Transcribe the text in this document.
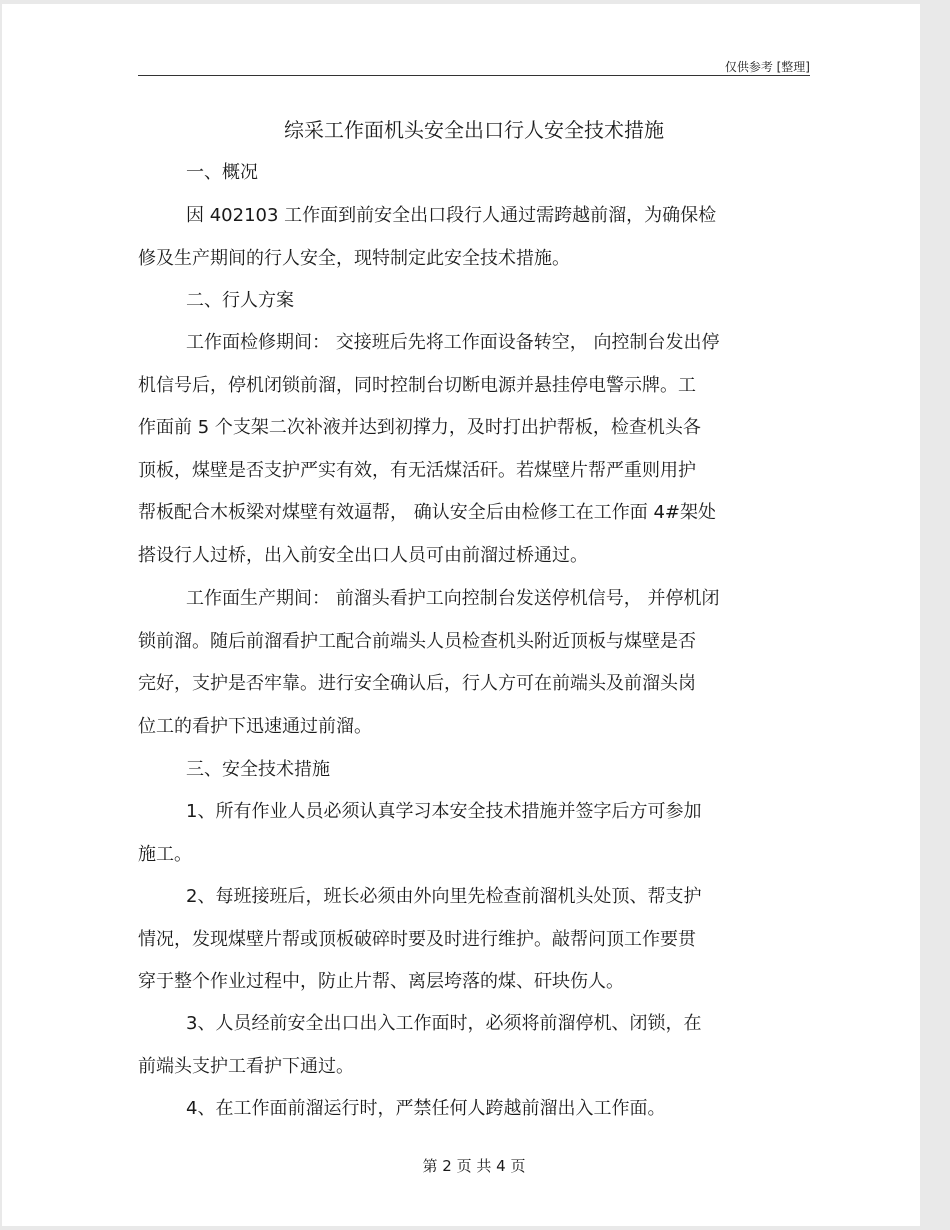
仅供参考 [整理]
综采工作面机头安全出口行人安全技术措施

一、概况

因 402103 工作面到前安全出口段行人通过需跨越前溜，为确保检
修及生产期间的行人安全，现特制定此安全技术措施。

二、行人方案

工作面检修期间： 交接班后先将工作面设备转空， 向控制台发出停
机信号后，停机闭锁前溜，同时控制台切断电源并悬挂停电警示牌。工
作面前 5 个支架二次补液并达到初撑力，及时打出护帮板，检查机头各
顶板，煤壁是否支护严实有效，有无活煤活矸。若煤壁片帮严重则用护
帮板配合木板梁对煤壁有效逼帮， 确认安全后由检修工在工作面 4#架处
搭设行人过桥，出入前安全出口人员可由前溜过桥通过。

工作面生产期间： 前溜头看护工向控制台发送停机信号， 并停机闭
锁前溜。随后前溜看护工配合前端头人员检查机头附近顶板与煤壁是否
完好，支护是否牢靠。进行安全确认后，行人方可在前端头及前溜头岗
位工的看护下迅速通过前溜。

三、安全技术措施

1、所有作业人员必须认真学习本安全技术措施并签字后方可参加
施工。

2、每班接班后，班长必须由外向里先检查前溜机头处顶、帮支护
情况，发现煤壁片帮或顶板破碎时要及时进行维护。敲帮问顶工作要贯
穿于整个作业过程中，防止片帮、离层垮落的煤、矸块伤人。

3、人员经前安全出口出入工作面时，必须将前溜停机、闭锁，在
前端头支护工看护下通过。

4、在工作面前溜运行时，严禁任何人跨越前溜出入工作面。

第 2 页 共 4 页
